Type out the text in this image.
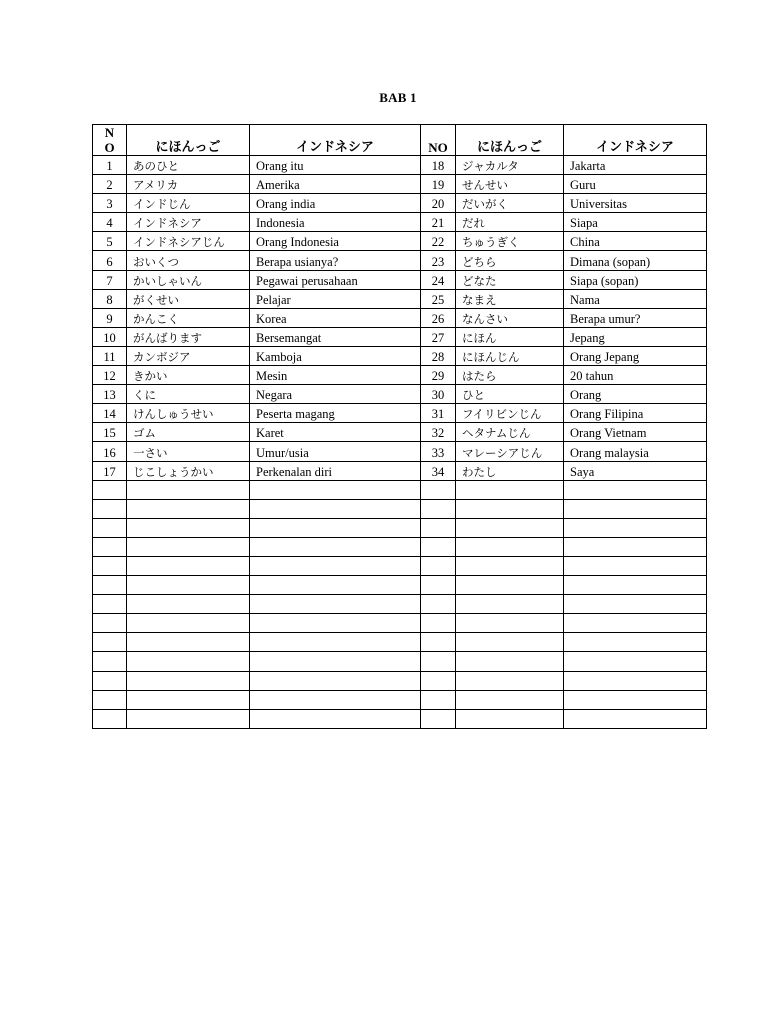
BAB 1
N
O	にほんっご	インドネシア	NO	にほんっご	インドネシア
1	あのひと	Orang itu	18	ジャカルタ	Jakarta
2	アメリカ	Amerika	19	せんせい	Guru
3	インドじん	Orang india	20	だいがく	Universitas
4	インドネシア	Indonesia	21	だれ	Siapa
5	インドネシアじん	Orang Indonesia	22	ちゅうぎく	China
6	おいくつ	Berapa usianya?	23	どちら	Dimana (sopan)
7	かいしゃいん	Pegawai perusahaan	24	どなた	Siapa (sopan)
8	がくせい	Pelajar	25	なまえ	Nama
9	かんこく	Korea	26	なんさい	Berapa umur?
10	がんばります	Bersemangat	27	にほん	Jepang
11	カンボジア	Kamboja	28	にほんじん	Orang Jepang
12	きかい	Mesin	29	はたら	20 tahun
13	くに	Negara	30	ひと	Orang
14	けんしゅうせい	Peserta magang	31	フイリビンじん	Orang Filipina
15	ゴム	Karet	32	ヘタナムじん	Orang Vietnam
16	一さい	Umur/usia	33	マレーシアじん	Orang malaysia
17	じこしょうかい	Perkenalan diri	34	わたし	Saya
